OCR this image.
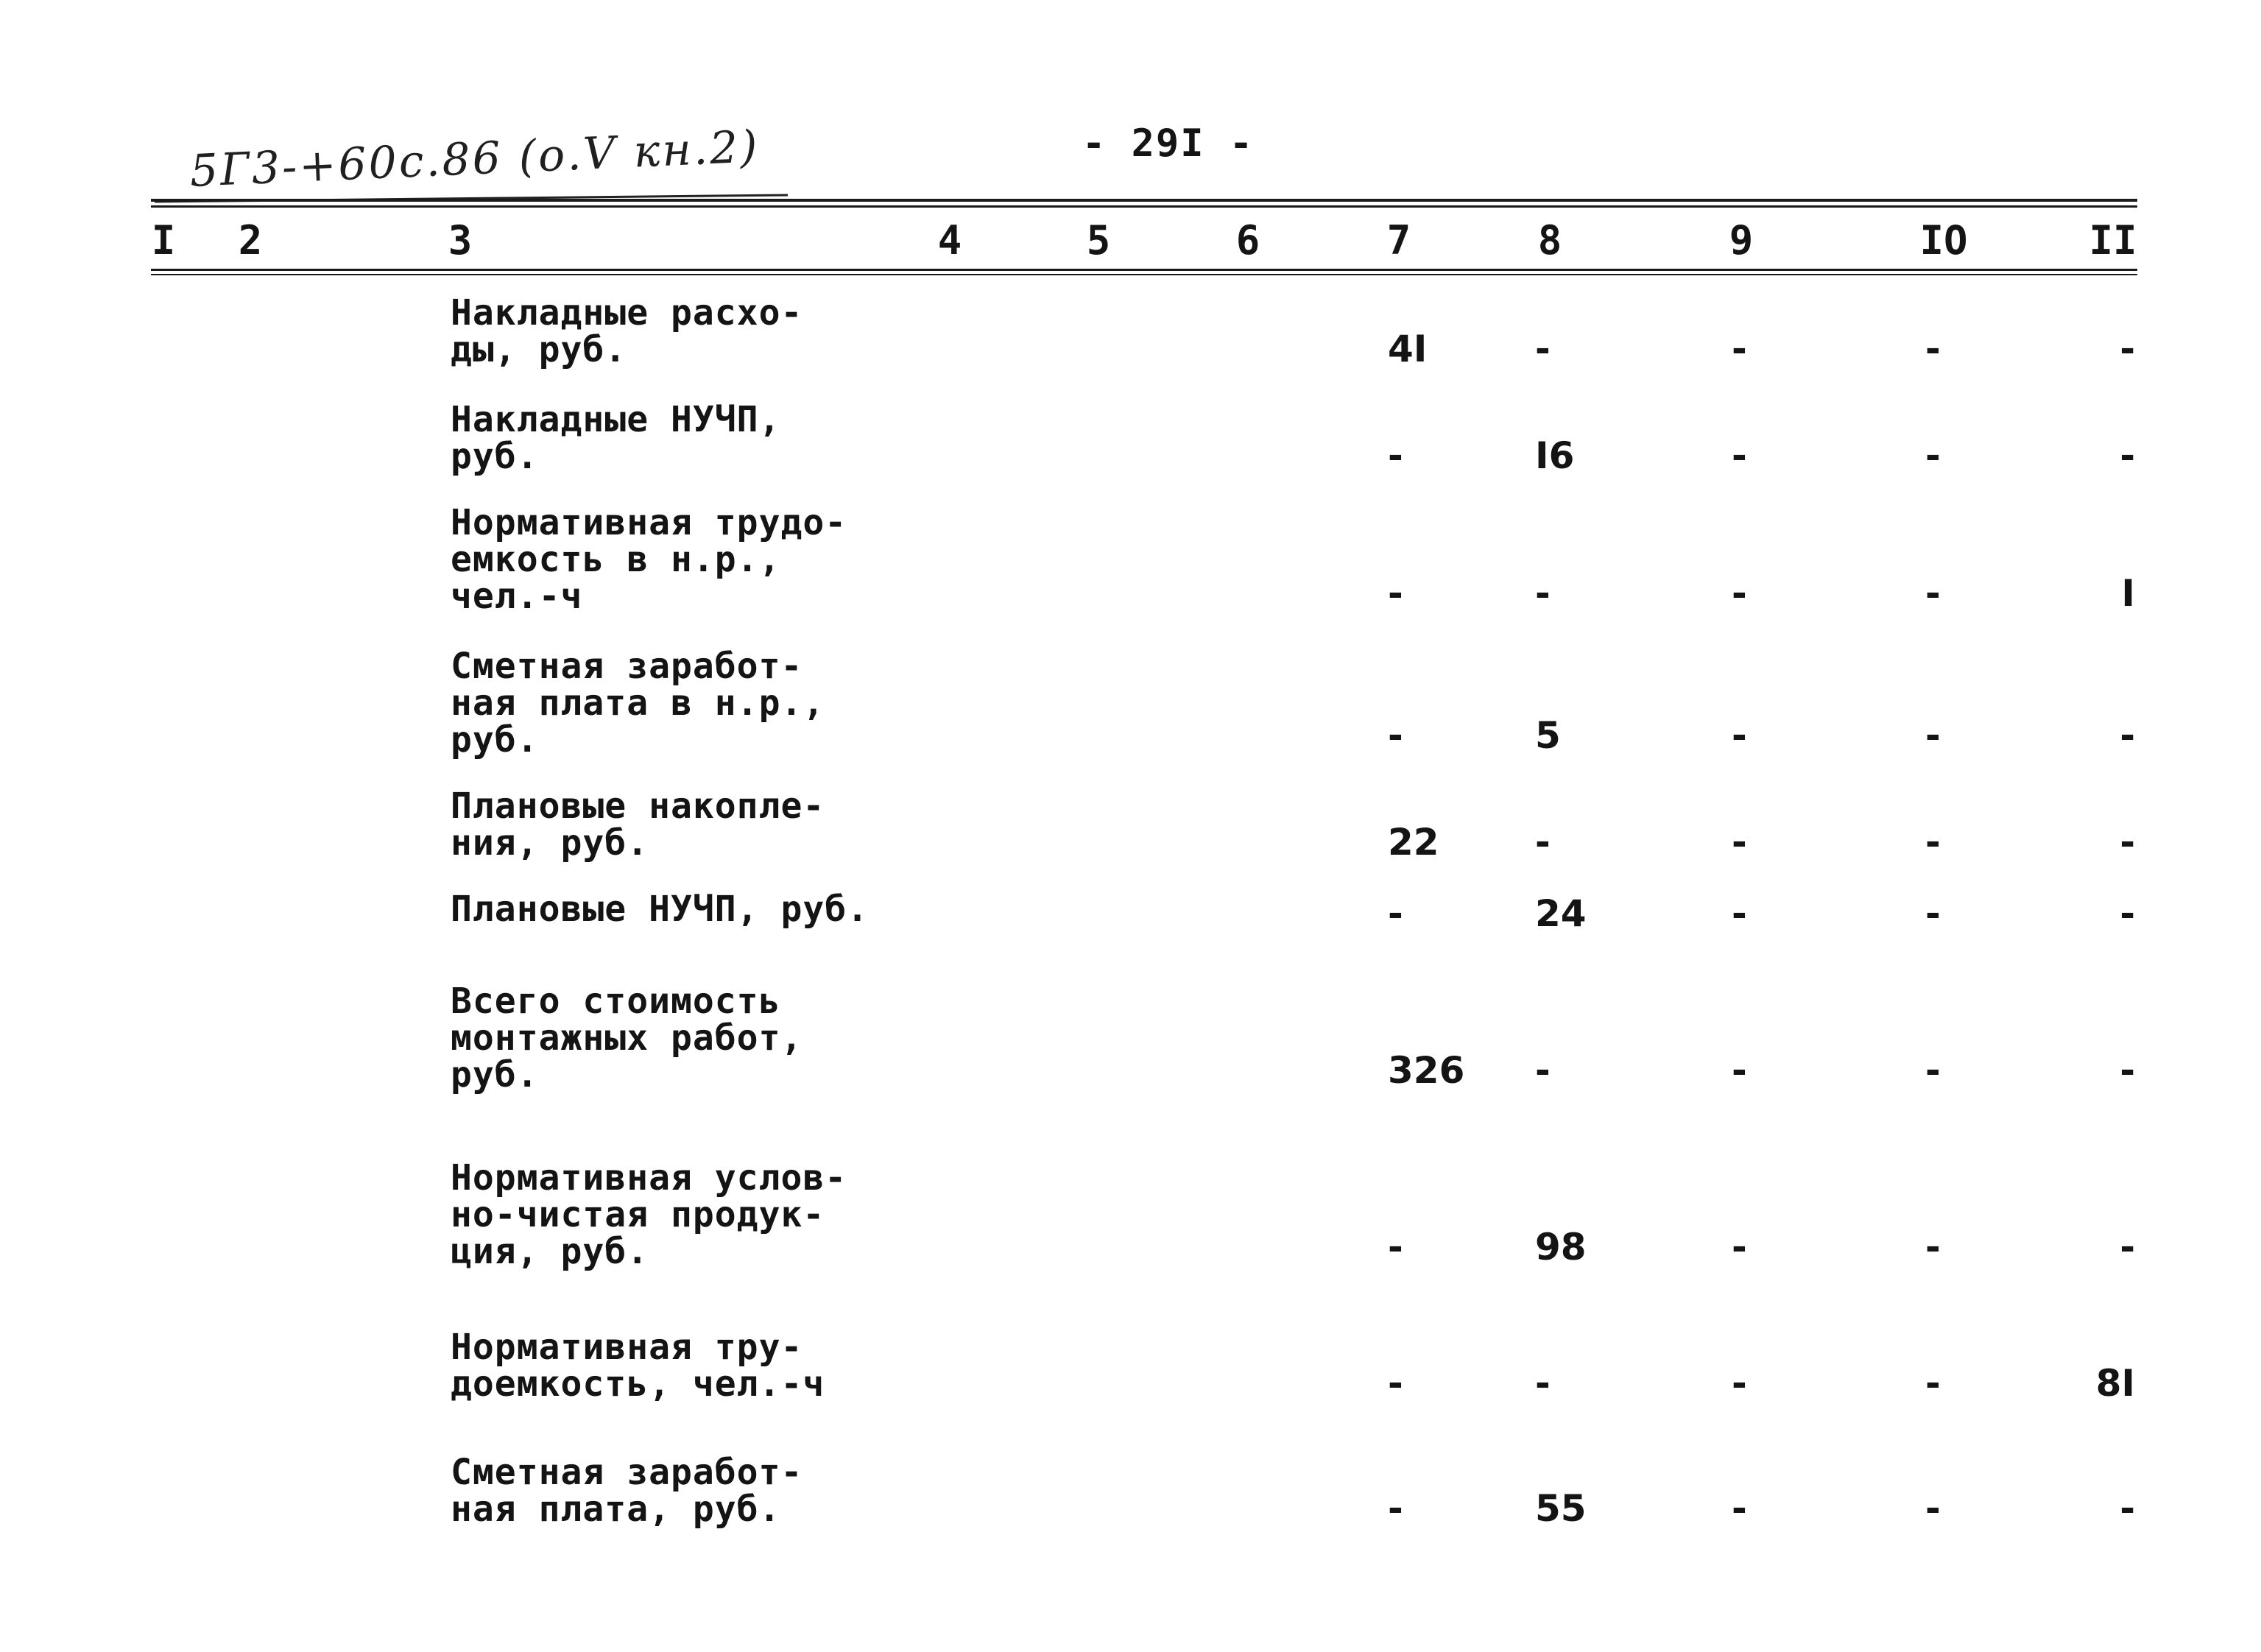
5Г3-+60с.86 (о.V кн.2)	- 29I -
I	2	3	4	5	6	7	8	9	IO	II
Накладные расхо-
ды, руб.	4I	-	-	-	-
Накладные НУЧП,
руб.	-	I6	-	-	-
Нормативная трудо-
емкость в н.р.,
чел.-ч	-	-	-	-	I
Сметная заработ-
ная плата в н.р.,
руб.	-	5	-	-	-
Плановые накопле-
ния, руб.	22	-	-	-	-
Плановые НУЧП, руб.	-	24	-	-	-
Всего стоимость
монтажных работ,
руб.	326	-	-	-	-
Нормативная услов-
но-чистая продук-
ция, руб.	-	98	-	-	-
Нормативная тру-
доемкость, чел.-ч	-	-	-	-	8I
Сметная заработ-
ная плата, руб.	-	55	-	-	-
